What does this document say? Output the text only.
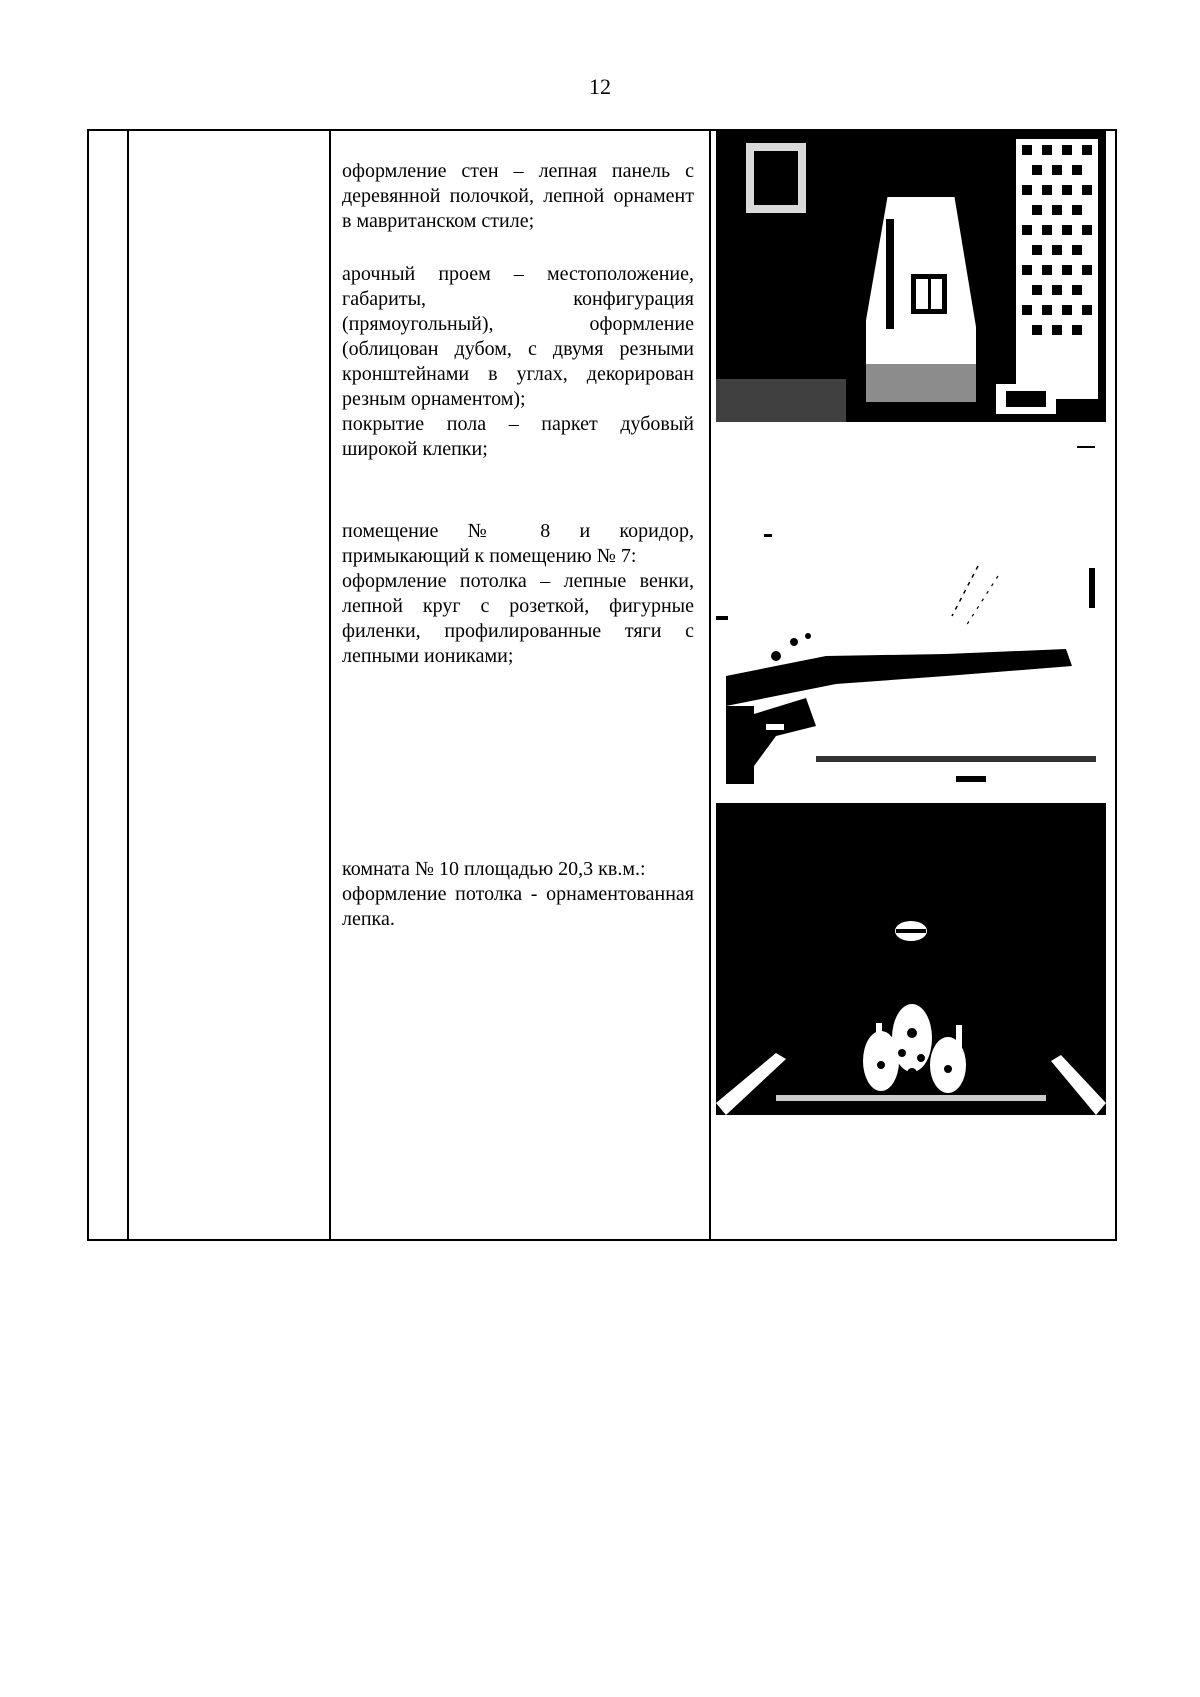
12
оформление стен – лепная панель с деревянной полочкой, лепной орнамент в мавританском стиле;
арочный проем – местоположение, габариты, конфигурация (прямоугольный), оформление (облицован дубом, с двумя резными кронштейнами в углах, декорирован резным орнаментом);
покрытие пола – паркет дубовый широкой клепки;
помещение № 8 и коридор, примыкающий к помещению № 7:
оформление потолка – лепные венки, лепной круг с розеткой, фигурные филенки, профилированные тяги с лепными иониками;
комната № 10 площадью 20,3 кв.м.:
оформление потолка - орнаментованная лепка.
